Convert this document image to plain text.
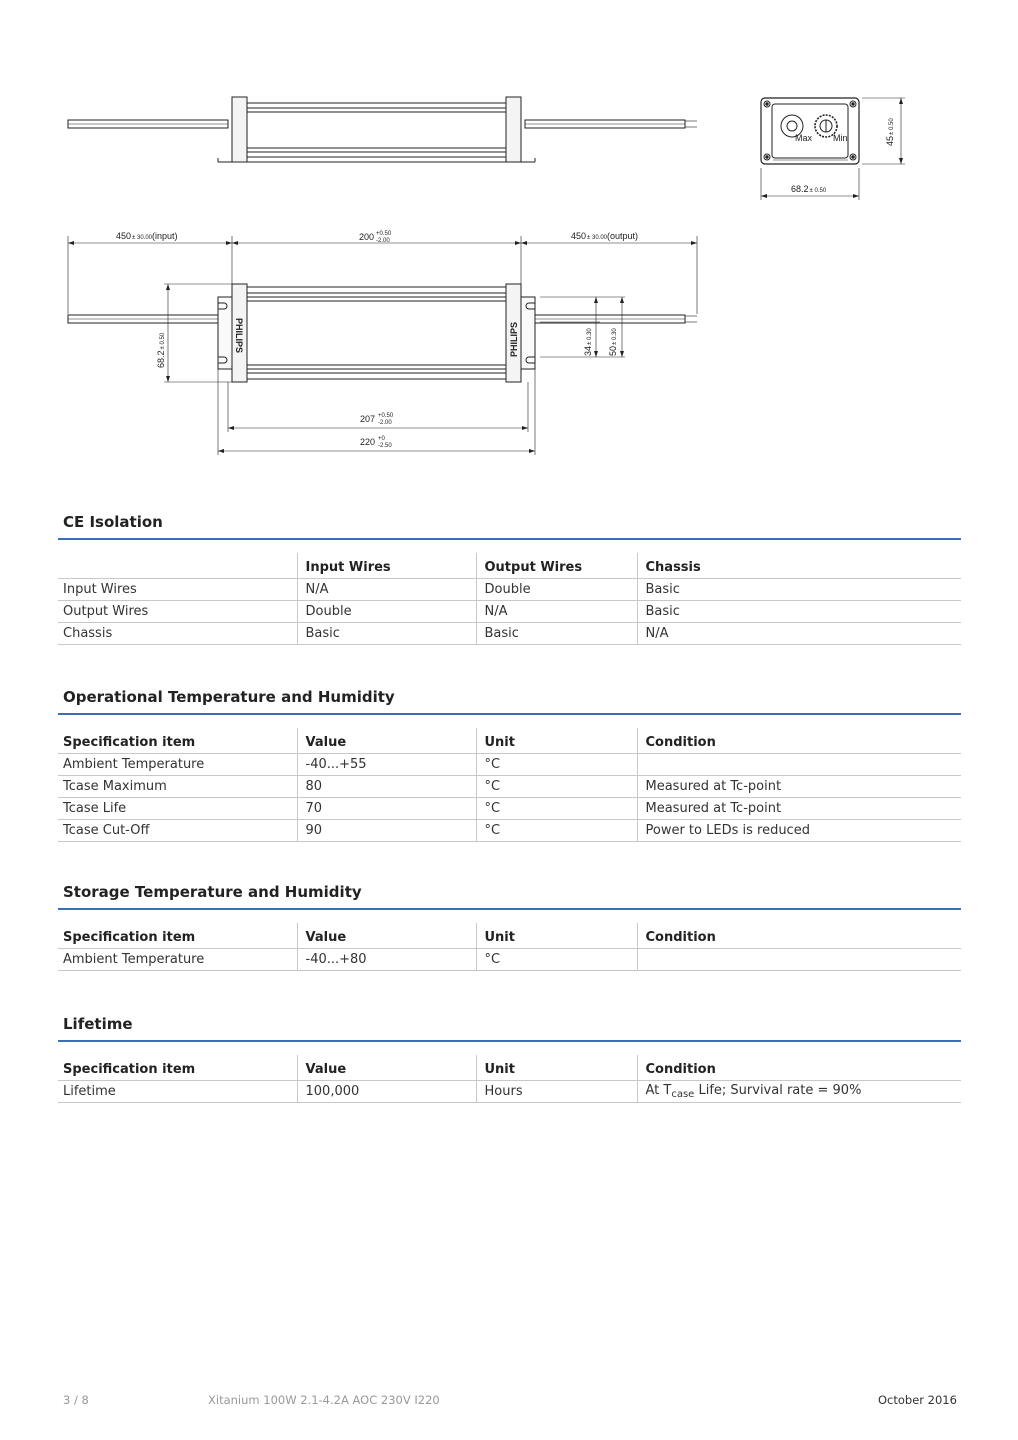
Max Min	45± 0.50
68.2± 0.50
450± 30.00(input)	200 +0.50
-2.00	450± 30.00(output)
68.2± 0.50
34± 0.30
50± 0.30
207 +0.50
-2.00
220 +0
-2.50
PHILIPS	PHILIPS
CE Isolation
	Input Wires	Output Wires	Chassis
Input Wires	N/A	Double	Basic
Output Wires	Double	N/A	Basic
Chassis	Basic	Basic	N/A
Operational Temperature and Humidity
Specification item	Value	Unit	Condition
Ambient Temperature	-40...+55	°C	
Tcase Maximum	80	°C	Measured at Tc-point
Tcase Life	70	°C	Measured at Tc-point
Tcase Cut-Off	90	°C	Power to LEDs is reduced
Storage Temperature and Humidity
Specification item	Value	Unit	Condition
Ambient Temperature	-40...+80	°C	
Lifetime
Specification item	Value	Unit	Condition
Lifetime	100,000	Hours	At $T_{case}$ Life; Survival rate = 90%
3 / 8	Xitanium 100W 2.1-4.2A AOC 230V I220	October 2016
